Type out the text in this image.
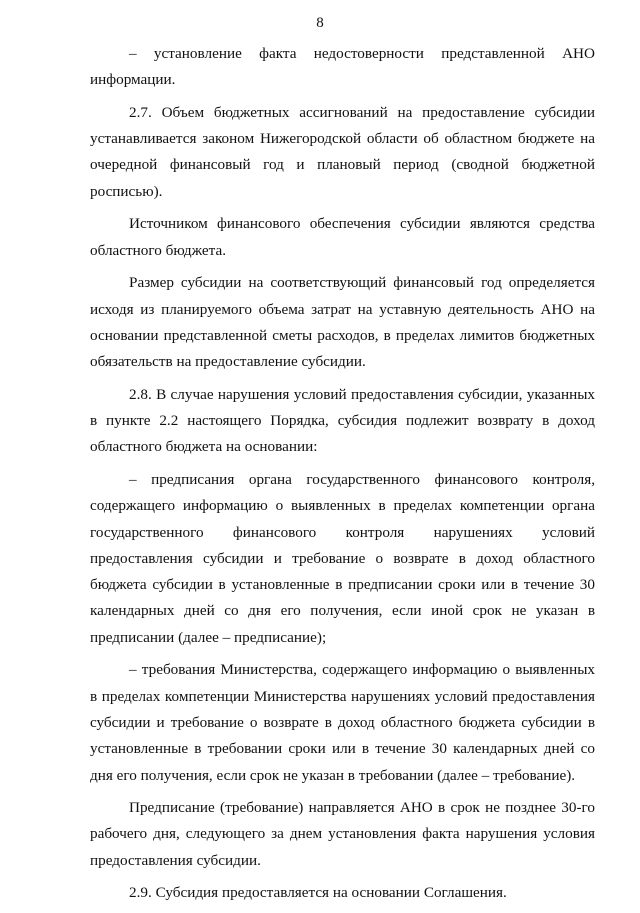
8

– установление факта недостоверности представленной АНО информации.

2.7. Объем бюджетных ассигнований на предоставление субсидии устанавливается законом Нижегородской области об областном бюджете на очередной финансовый год и плановый период (сводной бюджетной росписью).

Источником финансового обеспечения субсидии являются средства областного бюджета.

Размер субсидии на соответствующий финансовый год определяется исходя из планируемого объема затрат на уставную деятельность АНО на основании представленной сметы расходов, в пределах лимитов бюджетных обязательств на предоставление субсидии.

2.8. В случае нарушения условий предоставления субсидии, указанных в пункте 2.2 настоящего Порядка, субсидия подлежит возврату в доход областного бюджета на основании:

– предписания органа государственного финансового контроля, содержащего информацию о выявленных в пределах компетенции органа государственного финансового контроля нарушениях условий предоставления субсидии и требование о возврате в доход областного бюджета субсидии в установленные в предписании сроки или в течение 30 календарных дней со дня его получения, если иной срок не указан в предписании (далее – предписание);

– требования Министерства, содержащего информацию о выявленных в пределах компетенции Министерства нарушениях условий предоставления субсидии и требование о возврате в доход областного бюджета субсидии в установленные в требовании сроки или в течение 30 календарных дней со дня его получения, если срок не указан в требовании (далее – требование).

Предписание (требование) направляется АНО в срок не позднее 30-го рабочего дня, следующего за днем установления факта нарушения условия предоставления субсидии.

2.9. Субсидия предоставляется на основании Соглашения.
